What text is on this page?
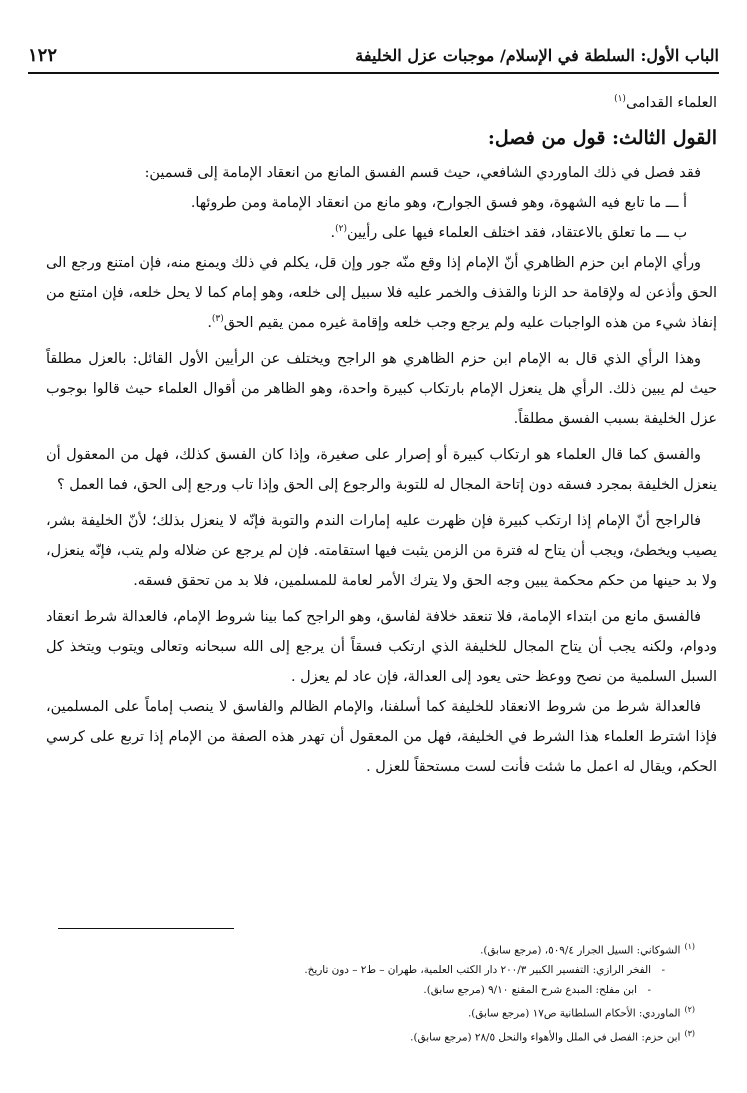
الباب الأول: السلطة في الإسلام/ موجبات عزل الخليفة
١٢٢

العلماء القدامى$^{(١)}$

القول الثالث: قول من فصل:

فقد فصل في ذلك الماوردي الشافعي، حيث قسم الفسق المانع من انعقاد الإمامة إلى قسمين:

أ ـــ ما تابع فيه الشهوة، وهو فسق الجوارح، وهو مانع من انعقاد الإمامة ومن طروئها.

ب ـــ ما تعلق بالاعتقاد، فقد اختلف العلماء فيها على رأيين$^{(٢)}$.

ورأي الإمام ابن حزم الظاهري أنّ الإمام إذا وقع منّه جور وإن قل، يكلم في ذلك ويمنع منه، فإن امتنع ورجع الى الحق وأذعن له ولإقامة حد الزنا والقذف والخمر عليه فلا سبيل إلى خلعه، وهو إمام كما لا يحل خلعه، فإن امتنع من إنفاذ شيء من هذه الواجبات عليه ولم يرجع وجب خلعه وإقامة غيره ممن يقيم الحق$^{(٣)}$.

وهذا الرأي الذي قال به الإمام ابن حزم الظاهري هو الراجح ويختلف عن الرأيين الأول القائل: بالعزل مطلقاً حيث لم يبين ذلك. الرأي هل ينعزل الإمام بارتكاب كبيرة واحدة، وهو الظاهر من أقوال العلماء حيث قالوا بوجوب عزل الخليفة بسبب الفسق مطلقاً.

والفسق كما قال العلماء هو ارتكاب كبيرة أو إصرار على صغيرة، وإذا كان الفسق كذلك، فهل من المعقول أن ينعزل الخليفة بمجرد فسقه دون إتاحة المجال له للتوبة والرجوع إلى الحق وإذا تاب ورجع إلى الحق، فما العمل ؟

فالراجح أنّ الإمام إذا ارتكب كبيرة فإن ظهرت عليه إمارات الندم والتوبة فإنّه لا ينعزل بذلك؛ لأنّ الخليفة بشر، يصيب ويخطئ، ويجب أن يتاح له فترة من الزمن يثبت فيها استقامته. فإن لم يرجع عن ضلاله ولم يتب، فإنّه ينعزل، ولا بد حينها من حكم محكمة يبين وجه الحق ولا يترك الأمر لعامة للمسلمين، فلا بد من تحقق فسقه.

فالفسق مانع من ابتداء الإمامة، فلا تنعقد خلافة لفاسق، وهو الراجح كما بينا شروط الإمام، فالعدالة شرط انعقاد ودوام، ولكنه يجب أن يتاح المجال للخليفة الذي ارتكب فسقاً أن يرجع إلى الله سبحانه وتعالى ويتوب ويتخذ كل السبل السلمية من نصح ووعظ حتى يعود إلى العدالة، فإن عاد لم يعزل .

فالعدالة شرط من شروط الانعقاد للخليفة كما أسلفنا، والإمام الظالم والفاسق لا ينصب إماماً على المسلمين، فإذا اشترط العلماء هذا الشرط في الخليفة، فهل من المعقول أن تهدر هذه الصفة من الإمام إذا تربع على كرسي الحكم، ويقال له اعمل ما شئت فأنت لست مستحقاً للعزل .

$^{(١)}$الشوكاني: السيل الجرار ٥٠٩/٤، (مرجع سابق).
-الفخر الرازي: التفسير الكبير ٢٠٠/٣ دار الكتب العلمية، طهران – ط٢ – دون تاريخ.
-ابن مفلح: المبدع شرح المقنع ٩/١٠ (مرجع سابق).
$^{(٢)}$الماوردي: الأحكام السلطانية ص١٧ (مرجع سابق).
$^{(٣)}$ابن حزم: الفصل في الملل والأهواء والنحل ٢٨/٥ (مرجع سابق).
